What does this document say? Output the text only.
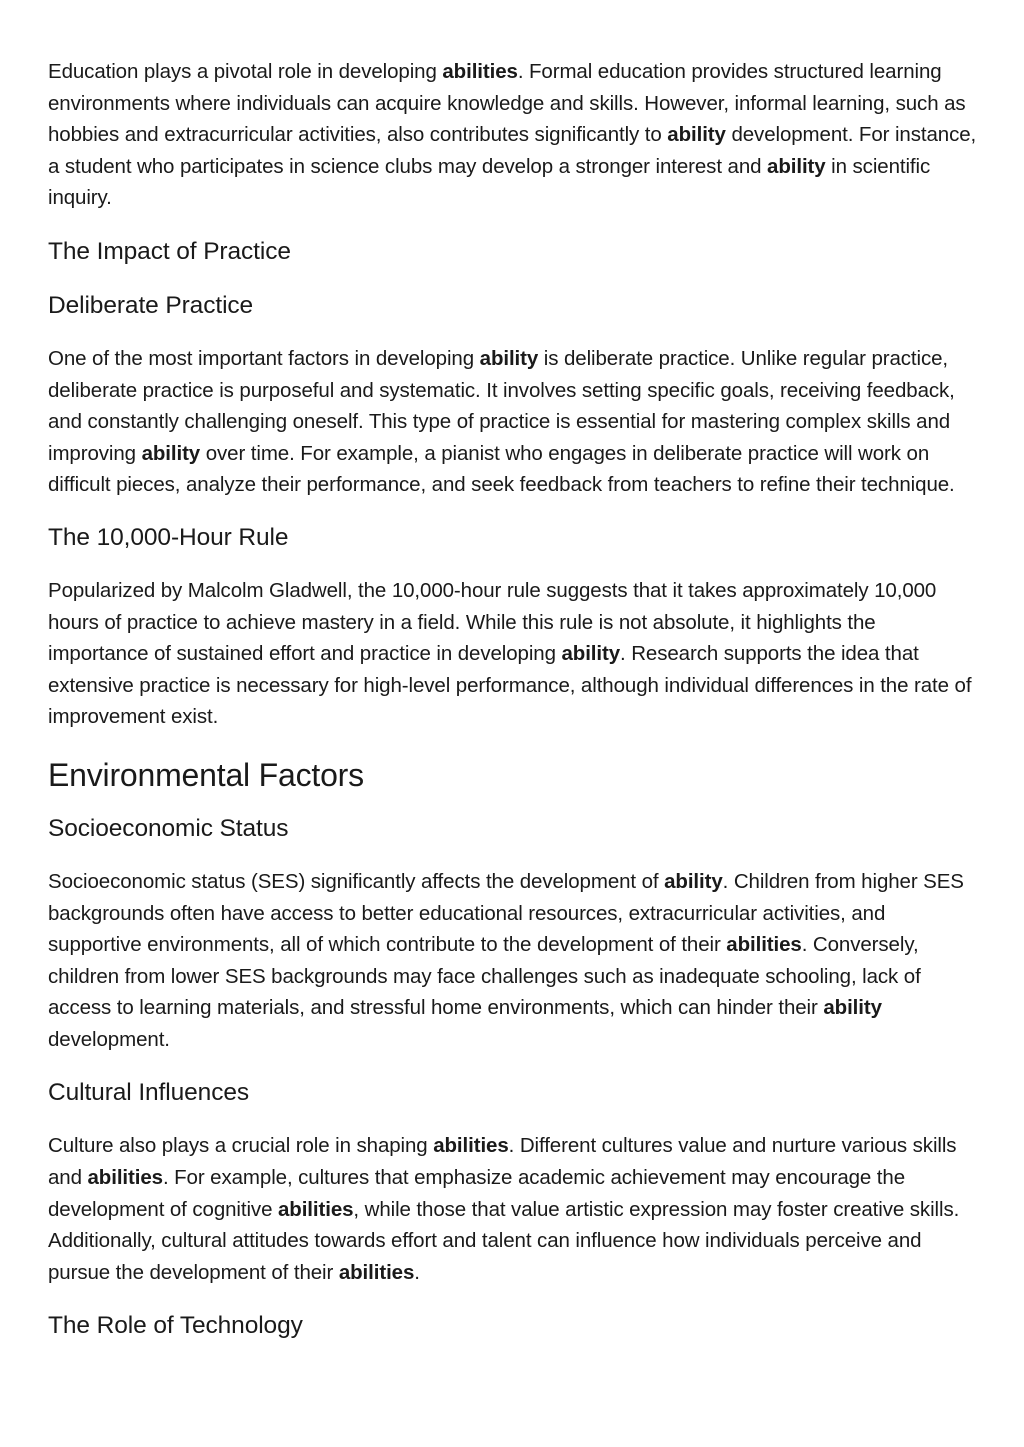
Education plays a pivotal role in developing abilities. Formal education provides structured learning environments where individuals can acquire knowledge and skills. However, informal learning, such as hobbies and extracurricular activities, also contributes significantly to ability development. For instance, a student who participates in science clubs may develop a stronger interest and ability in scientific inquiry.

The Impact of Practice
Deliberate Practice

One of the most important factors in developing ability is deliberate practice. Unlike regular practice, deliberate practice is purposeful and systematic. It involves setting specific goals, receiving feedback, and constantly challenging oneself. This type of practice is essential for mastering complex skills and improving ability over time. For example, a pianist who engages in deliberate practice will work on difficult pieces, analyze their performance, and seek feedback from teachers to refine their technique.

The 10,000-Hour Rule

Popularized by Malcolm Gladwell, the 10,000-hour rule suggests that it takes approximately 10,000 hours of practice to achieve mastery in a field. While this rule is not absolute, it highlights the importance of sustained effort and practice in developing ability. Research supports the idea that extensive practice is necessary for high-level performance, although individual differences in the rate of improvement exist.

Environmental Factors
Socioeconomic Status

Socioeconomic status (SES) significantly affects the development of ability. Children from higher SES backgrounds often have access to better educational resources, extracurricular activities, and supportive environments, all of which contribute to the development of their abilities. Conversely, children from lower SES backgrounds may face challenges such as inadequate schooling, lack of access to learning materials, and stressful home environments, which can hinder their ability development.

Cultural Influences

Culture also plays a crucial role in shaping abilities. Different cultures value and nurture various skills and abilities. For example, cultures that emphasize academic achievement may encourage the development of cognitive abilities, while those that value artistic expression may foster creative skills. Additionally, cultural attitudes towards effort and talent can influence how individuals perceive and pursue the development of their abilities.

The Role of Technology
